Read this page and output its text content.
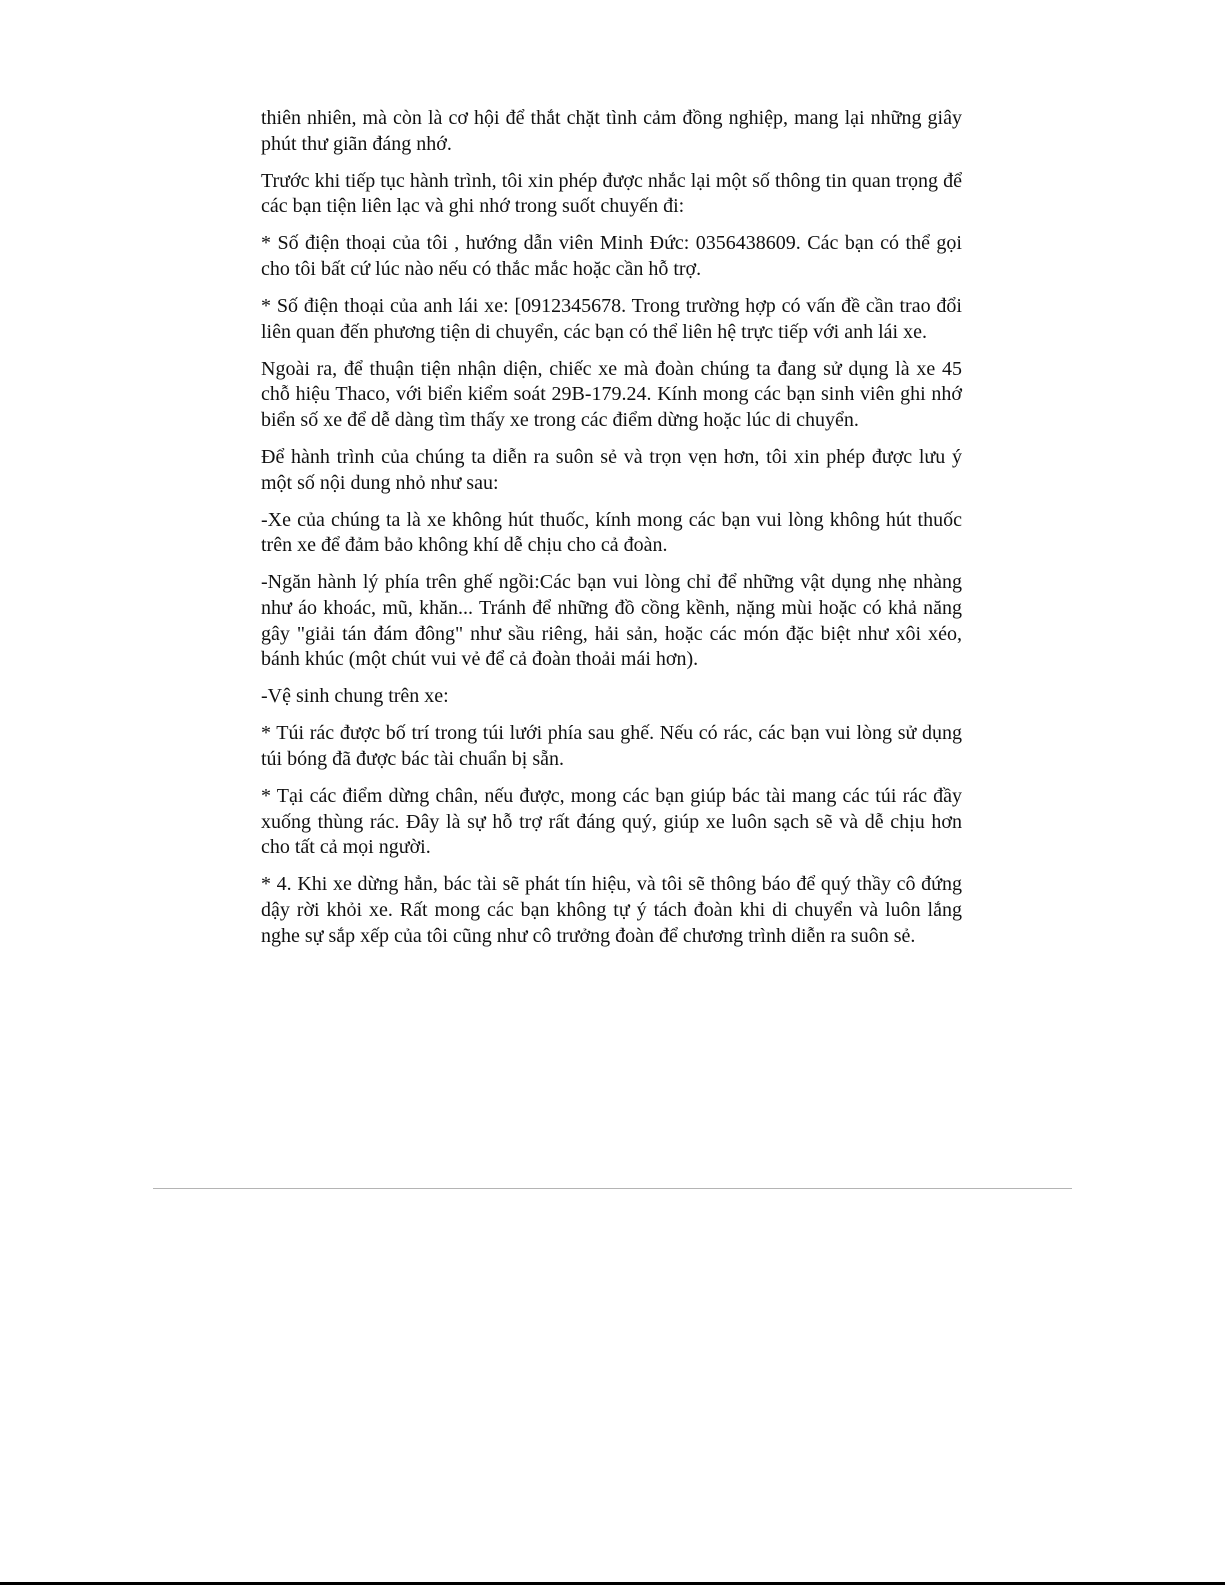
thiên nhiên, mà còn là cơ hội để thắt chặt tình cảm đồng nghiệp, mang lại những giây phút thư giãn đáng nhớ.

Trước khi tiếp tục hành trình, tôi xin phép được nhắc lại một số thông tin quan trọng để các bạn tiện liên lạc và ghi nhớ trong suốt chuyến đi:

* Số điện thoại của tôi , hướng dẫn viên Minh Đức: 0356438609. Các bạn có thể gọi cho tôi bất cứ lúc nào nếu có thắc mắc hoặc cần hỗ trợ.

* Số điện thoại của anh lái xe: [0912345678. Trong trường hợp có vấn đề cần trao đổi liên quan đến phương tiện di chuyển, các bạn có thể liên hệ trực tiếp với anh lái xe.

Ngoài ra, để thuận tiện nhận diện, chiếc xe mà đoàn chúng ta đang sử dụng là xe 45 chỗ hiệu Thaco, với biển kiểm soát 29B-179.24. Kính mong các bạn sinh viên ghi nhớ biển số xe để dễ dàng tìm thấy xe trong các điểm dừng hoặc lúc di chuyển.

Để hành trình của chúng ta diễn ra suôn sẻ và trọn vẹn hơn, tôi xin phép được lưu ý một số nội dung nhỏ như sau:

-Xe của chúng ta là xe không hút thuốc, kính mong các bạn vui lòng không hút thuốc trên xe để đảm bảo không khí dễ chịu cho cả đoàn.

-Ngăn hành lý phía trên ghế ngồi:Các bạn vui lòng chỉ để những vật dụng nhẹ nhàng như áo khoác, mũ, khăn... Tránh để những đồ cồng kềnh, nặng mùi hoặc có khả năng gây "giải tán đám đông" như sầu riêng, hải sản, hoặc các món đặc biệt như xôi xéo, bánh khúc (một chút vui vẻ để cả đoàn thoải mái hơn).

-Vệ sinh chung trên xe:

* Túi rác được bố trí trong túi lưới phía sau ghế. Nếu có rác, các bạn vui lòng sử dụng túi bóng đã được bác tài chuẩn bị sẵn.

* Tại các điểm dừng chân, nếu được, mong các bạn giúp bác tài mang các túi rác đầy xuống thùng rác. Đây là sự hỗ trợ rất đáng quý, giúp xe luôn sạch sẽ và dễ chịu hơn cho tất cả mọi người.

* 4. Khi xe dừng hẳn, bác tài sẽ phát tín hiệu, và tôi sẽ thông báo để quý thầy cô đứng dậy rời khỏi xe. Rất mong các bạn không tự ý tách đoàn khi di chuyển và luôn lắng nghe sự sắp xếp của tôi cũng như cô trưởng đoàn để chương trình diễn ra suôn sẻ.
